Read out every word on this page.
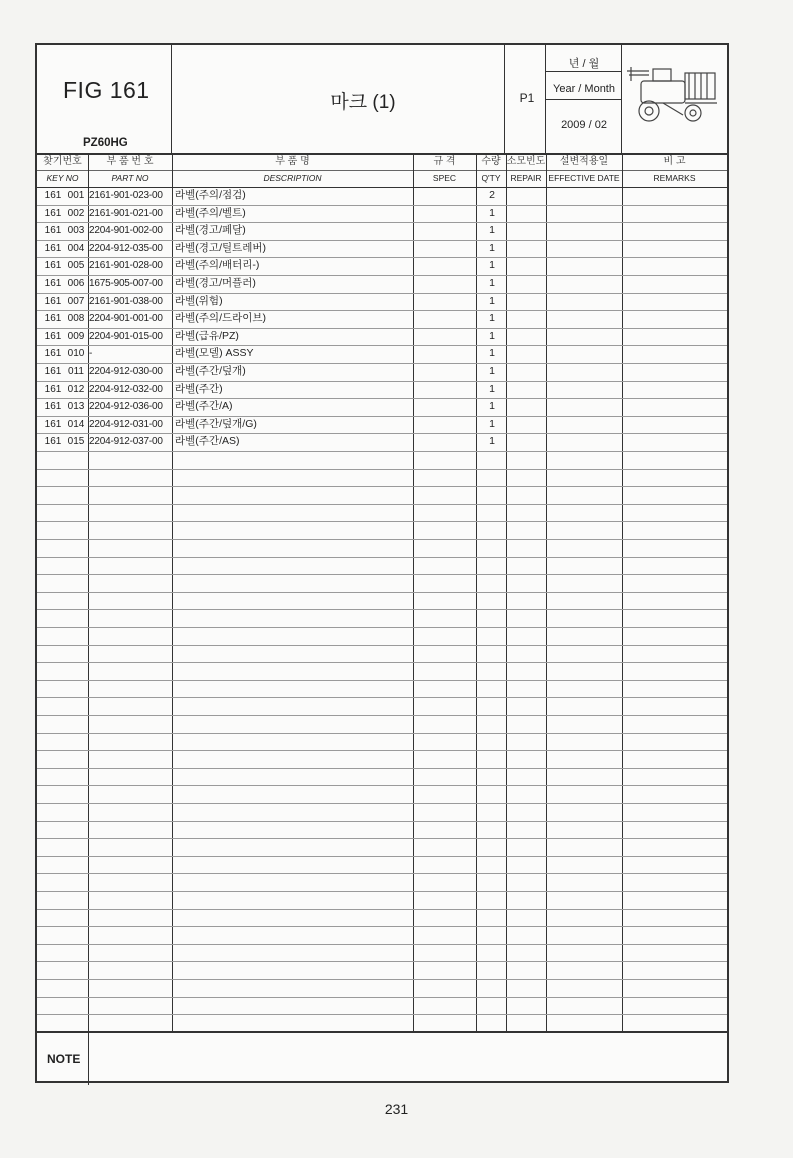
FIG 161
PZ60HG
마크 (1)	P1
년 / 월
Year / Month
2009 / 02
찾기번호
KEY NO
부 품 번 호
PART NO
부 품 명
DESCRIPTION
규 격
SPEC
수량
Q'TY
소모빈도
REPAIR
설변적용일
EFFECTIVE DATE
비 고
REMARKS
161 001 2161-901-023-00	라벨(주의/점검)	2
161 002 2161-901-021-00	라벨(주의/벨트)	1
161 003 2204-901-002-00	라벨(경고/페달)	1
161 004 2204-912-035-00	라벨(경고/틸트레버)	1
161 005 2161-901-028-00	라벨(주의/배터리-)	1
161 006 1675-905-007-00	라벨(경고/머플러)	1
161 007 2161-901-038-00	라벨(위험)	1
161 008 2204-901-001-00	라벨(주의/드라이브)	1
161 009 2204-901-015-00	라벨(급유/PZ)	1
161 010 -	라벨(모델) ASSY	1
161 011 2204-912-030-00	라벨(주간/덮개)	1
161 012 2204-912-032-00	라벨(주간)	1
161 013 2204-912-036-00	라벨(주간/A)	1
161 014 2204-912-031-00	라벨(주간/덮개/G)	1
161 015 2204-912-037-00	라벨(주간/AS)	1
NOTE
231
